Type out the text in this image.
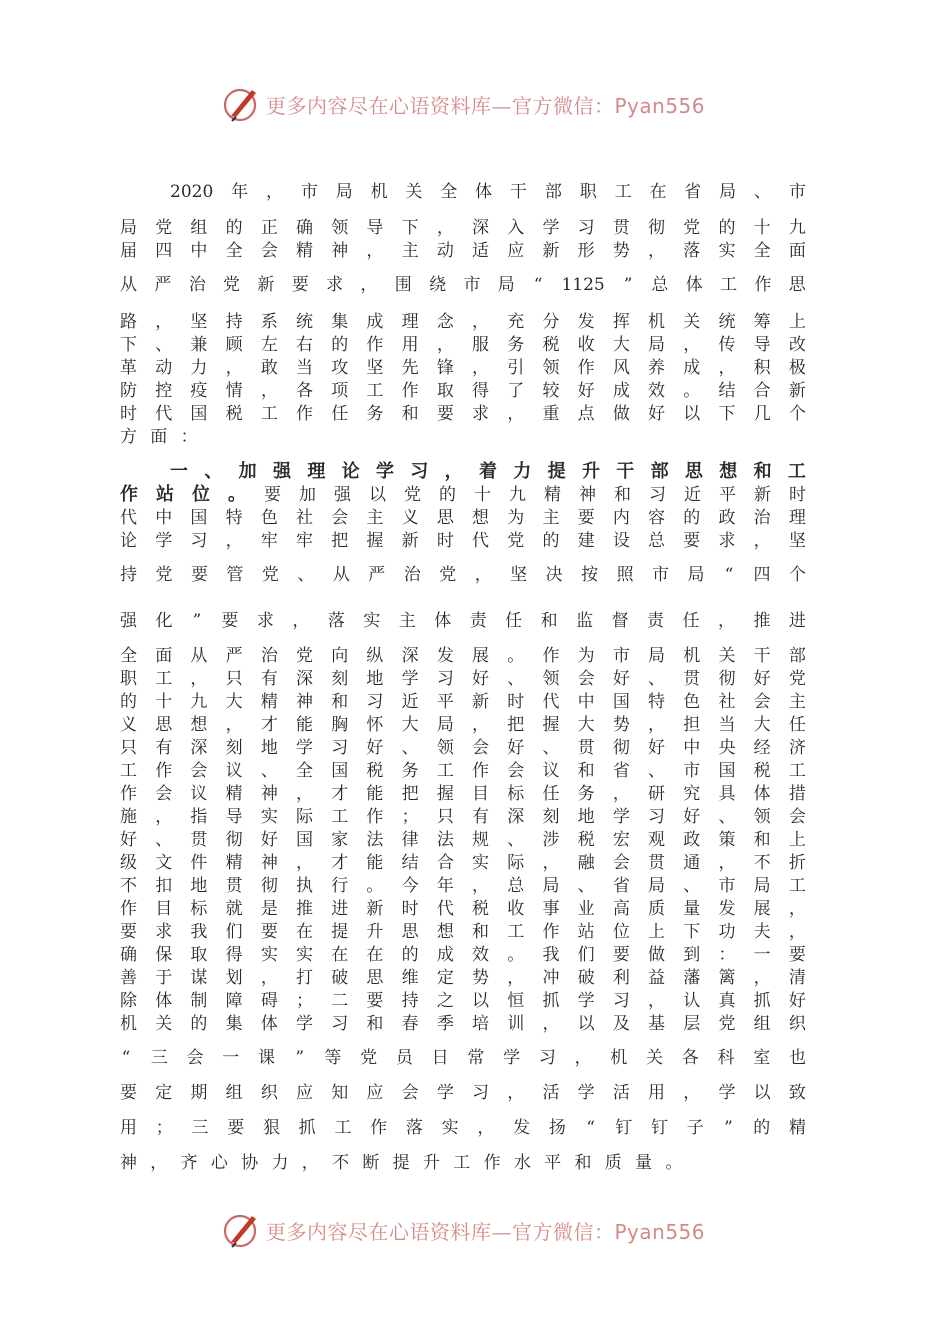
更多内容尽在心语资料库—官方微信：Pyan556
2020 年 ， 市 局 机 关 全 体 干 部 职 工 在 省 局 、 市
局 党 组 的 正 确 领 导 下 ， 深 入 学 习 贯 彻 党 的 十 九
届 四 中 全 会 精 神 ， 主 动 适 应 新 形 势 ， 落 实 全 面
从 严 治 党 新 要 求 ， 围 绕 市 局 “ 1125 ” 总 体 工 作 思
路 ， 坚 持 系 统 集 成 理 念 ， 充 分 发 挥 机 关 统 筹 上
下 、 兼 顾 左 右 的 作 用 ， 服 务 税 收 大 局 ， 传 导 改
革 动 力 ， 敢 当 攻 坚 先 锋 ， 引 领 作 风 养 成 ， 积 极
防 控 疫 情 ， 各 项 工 作 取 得 了 较 好 成 效 。 结 合 新
时 代 国 税 工 作 任 务 和 要 求 ， 重 点 做 好 以 下 几 个
方 面 ：
一 、 加 强 理 论 学 习 ， 着 力 提 升 干 部 思 想 和 工
作 站 位 。 要 加 强 以 党 的 十 九 精 神 和 习 近 平 新 时
代 中 国 特 色 社 会 主 义 思 想 为 主 要 内 容 的 政 治 理
论 学 习 ， 牢 牢 把 握 新 时 代 党 的 建 设 总 要 求 ， 坚
持 党 要 管 党 、 从 严 治 党 ， 坚 决 按 照 市 局 “ 四 个
强 化 ” 要 求 ， 落 实 主 体 责 任 和 监 督 责 任 ， 推 进
全 面 从 严 治 党 向 纵 深 发 展 。 作 为 市 局 机 关 干 部
职 工 ， 只 有 深 刻 地 学 习 好 、 领 会 好 、 贯 彻 好 党
的 十 九 大 精 神 和 习 近 平 新 时 代 中 国 特 色 社 会 主
义 思 想 ， 才 能 胸 怀 大 局 ， 把 握 大 势 ， 担 当 大 任
只 有 深 刻 地 学 习 好 、 领 会 好 、 贯 彻 好 中 央 经 济
工 作 会 议 、 全 国 税 务 工 作 会 议 和 省 、 市 国 税 工
作 会 议 精 神 ， 才 能 把 握 目 标 任 务 ， 研 究 具 体 措
施 ， 指 导 实 际 工 作 ； 只 有 深 刻 地 学 习 好 、 领 会
好 、 贯 彻 好 国 家 法 律 法 规 、 涉 税 宏 观 政 策 和 上
级 文 件 精 神 ， 才 能 结 合 实 际 ， 融 会 贯 通 ， 不 折
不 扣 地 贯 彻 执 行 。 今 年 ， 总 局 、 省 局 、 市 局 工
作 目 标 就 是 推 进 新 时 代 税 收 事 业 高 质 量 发 展 ，
要 求 我 们 要 在 提 升 思 想 和 工 作 站 位 上 下 功 夫 ，
确 保 取 得 实 实 在 在 的 成 效 。 我 们 要 做 到 ： 一 要
善 于 谋 划 ， 打 破 思 维 定 势 ， 冲 破 利 益 藩 篱 ， 清
除 体 制 障 碍 ； 二 要 持 之 以 恒 抓 学 习 ， 认 真 抓 好
机 关 的 集 体 学 习 和 春 季 培 训 ， 以 及 基 层 党 组 织
“ 三 会 一 课 ” 等 党 员 日 常 学 习 ， 机 关 各 科 室 也
要 定 期 组 织 应 知 应 会 学 习 ， 活 学 活 用 ， 学 以 致
用 ； 三 要 狠 抓 工 作 落 实 ， 发 扬 “ 钉 钉 子 ” 的 精
神 ， 齐 心 协 力 ， 不 断 提 升 工 作 水 平 和 质 量 。
更多内容尽在心语资料库—官方微信：Pyan556
